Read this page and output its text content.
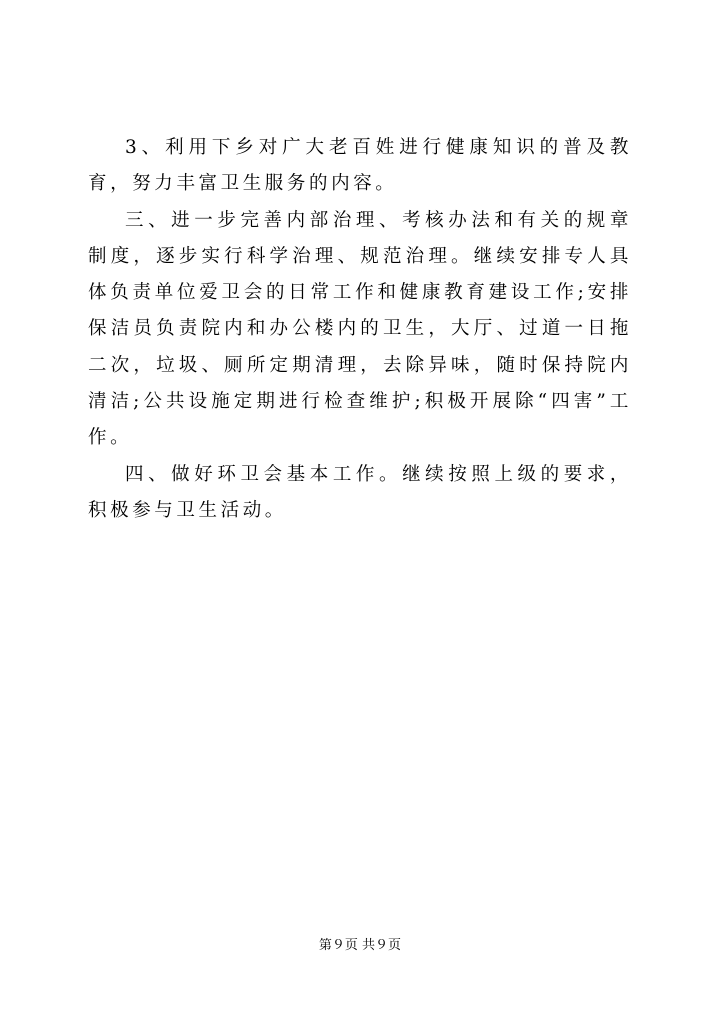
3、利用下乡对广大老百姓进行健康知识的普及教育，努力丰富卫生服务的内容。

三、进一步完善内部治理、考核办法和有关的规章制度，逐步实行科学治理、规范治理。继续安排专人具体负责单位爱卫会的日常工作和健康教育建设工作;安排保洁员负责院内和办公楼内的卫生，大厅、过道一日拖二次，垃圾、厕所定期清理，去除异味，随时保持院内清洁;公共设施定期进行检查维护;积极开展除“四害”工作。

四、做好环卫会基本工作。继续按照上级的要求，积极参与卫生活动。

第９页 共９页
